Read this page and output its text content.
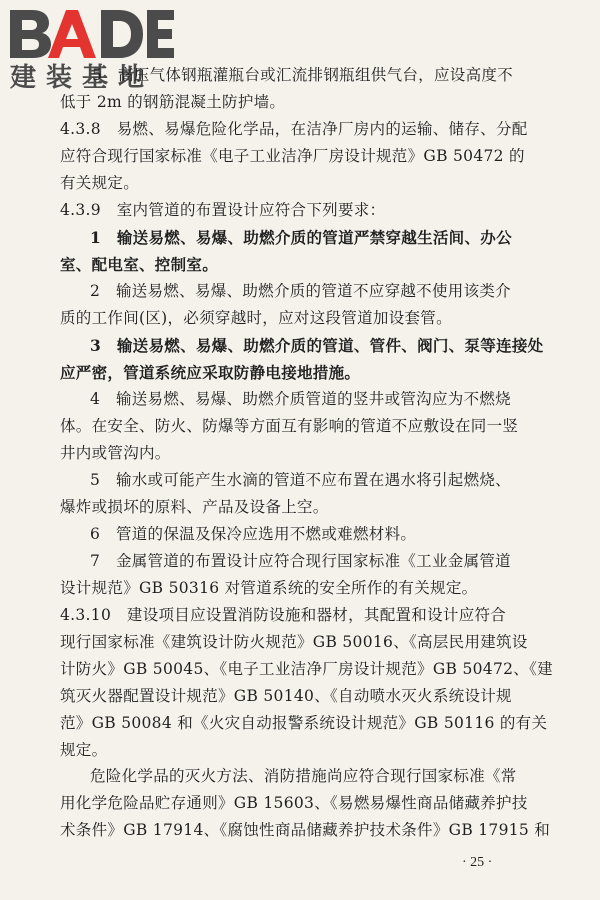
建装基地
5　高压气体钢瓶灌瓶台或汇流排钢瓶组供气台，应设高度不
低于 2m 的钢筋混凝土防护墙。
4.3.8　易燃、易爆危险化学品，在洁净厂房内的运输、储存、分配
应符合现行国家标准《电子工业洁净厂房设计规范》GB 50472 的
有关规定。
4.3.9　室内管道的布置设计应符合下列要求：
1　输送易燃、易爆、助燃介质的管道严禁穿越生活间、办公
室、配电室、控制室。
2　输送易燃、易爆、助燃介质的管道不应穿越不使用该类介
质的工作间(区)，必须穿越时，应对这段管道加设套管。
3　输送易燃、易爆、助燃介质的管道、管件、阀门、泵等连接处
应严密，管道系统应采取防静电接地措施。
4　输送易燃、易爆、助燃介质管道的竖井或管沟应为不燃烧
体。在安全、防火、防爆等方面互有影响的管道不应敷设在同一竖
井内或管沟内。
5　输水或可能产生水滴的管道不应布置在遇水将引起燃烧、
爆炸或损坏的原料、产品及设备上空。
6　管道的保温及保冷应选用不燃或难燃材料。
7　金属管道的布置设计应符合现行国家标准《工业金属管道
设计规范》GB 50316 对管道系统的安全所作的有关规定。
4.3.10　建设项目应设置消防设施和器材，其配置和设计应符合
现行国家标准《建筑设计防火规范》GB 50016、《高层民用建筑设
计防火》GB 50045、《电子工业洁净厂房设计规范》GB 50472、《建
筑灭火器配置设计规范》GB 50140、《自动喷水灭火系统设计规
范》GB 50084 和《火灾自动报警系统设计规范》GB 50116 的有关
规定。
危险化学品的灭火方法、消防措施尚应符合现行国家标准《常
用化学危险品贮存通则》GB 15603、《易燃易爆性商品储藏养护技
术条件》GB 17914、《腐蚀性商品储藏养护技术条件》GB 17915 和
· 25 ·
